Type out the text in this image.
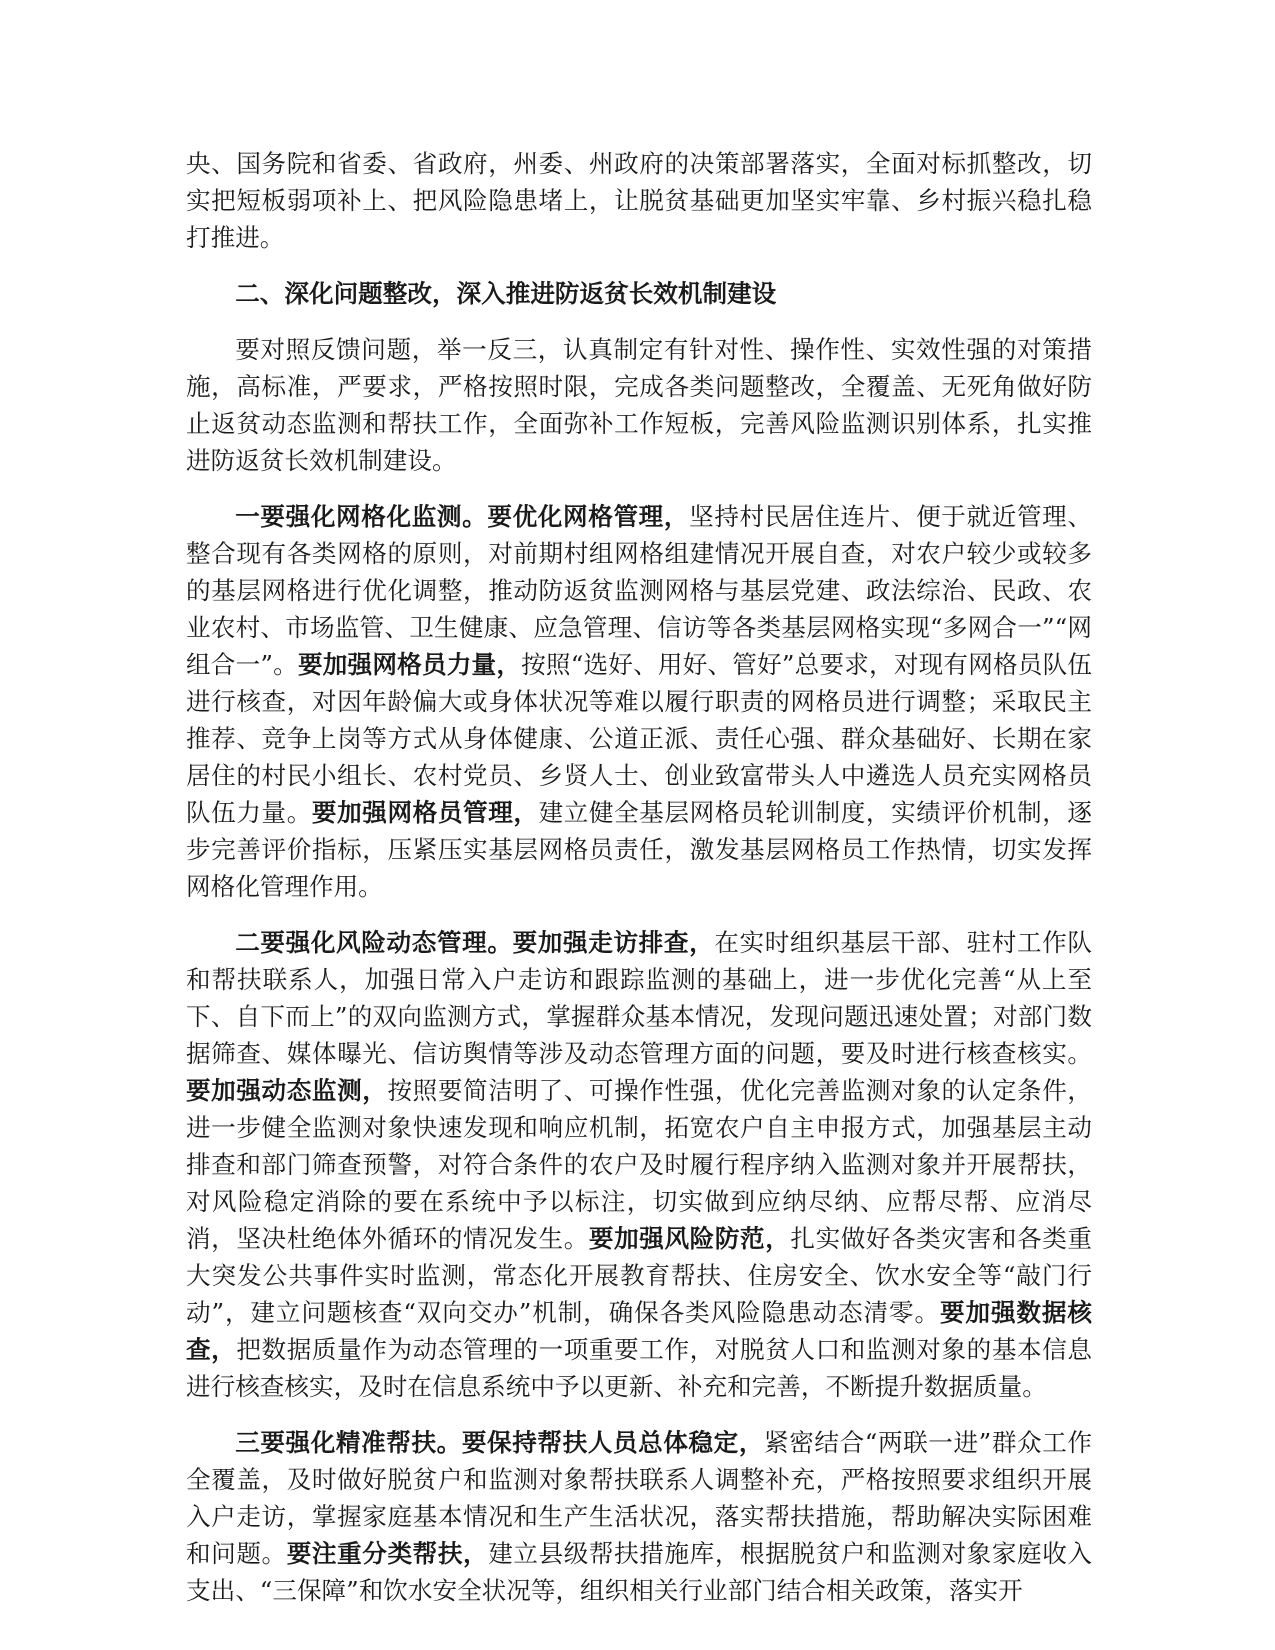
央、国务院和省委、省政府，州委、州政府的决策部署落实，全面对标抓整改，切实把短板弱项补上、把风险隐患堵上，让脱贫基础更加坚实牢靠、乡村振兴稳扎稳打推进。

二、深化问题整改，深入推进防返贫长效机制建设

要对照反馈问题，举一反三，认真制定有针对性、操作性、实效性强的对策措施，高标准，严要求，严格按照时限，完成各类问题整改，全覆盖、无死角做好防止返贫动态监测和帮扶工作，全面弥补工作短板，完善风险监测识别体系，扎实推进防返贫长效机制建设。

一要强化网格化监测。要优化网格管理，坚持村民居住连片、便于就近管理、整合现有各类网格的原则，对前期村组网格组建情况开展自查，对农户较少或较多的基层网格进行优化调整，推动防返贫监测网格与基层党建、政法综治、民政、农业农村、市场监管、卫生健康、应急管理、信访等各类基层网格实现“多网合一”“网组合一”。要加强网格员力量，按照“选好、用好、管好”总要求，对现有网格员队伍进行核查，对因年龄偏大或身体状况等难以履行职责的网格员进行调整；采取民主推荐、竞争上岗等方式从身体健康、公道正派、责任心强、群众基础好、长期在家居住的村民小组长、农村党员、乡贤人士、创业致富带头人中遴选人员充实网格员队伍力量。要加强网格员管理，建立健全基层网格员轮训制度，实绩评价机制，逐步完善评价指标，压紧压实基层网格员责任，激发基层网格员工作热情，切实发挥网格化管理作用。

二要强化风险动态管理。要加强走访排查，在实时组织基层干部、驻村工作队和帮扶联系人，加强日常入户走访和跟踪监测的基础上，进一步优化完善“从上至下、自下而上”的双向监测方式，掌握群众基本情况，发现问题迅速处置；对部门数据筛查、媒体曝光、信访舆情等涉及动态管理方面的问题，要及时进行核查核实。要加强动态监测，按照要简洁明了、可操作性强，优化完善监测对象的认定条件，进一步健全监测对象快速发现和响应机制，拓宽农户自主申报方式，加强基层主动排查和部门筛查预警，对符合条件的农户及时履行程序纳入监测对象并开展帮扶，对风险稳定消除的要在系统中予以标注，切实做到应纳尽纳、应帮尽帮、应消尽消，坚决杜绝体外循环的情况发生。要加强风险防范，扎实做好各类灾害和各类重大突发公共事件实时监测，常态化开展教育帮扶、住房安全、饮水安全等“敲门行动”，建立问题核查“双向交办”机制，确保各类风险隐患动态清零。要加强数据核查，把数据质量作为动态管理的一项重要工作，对脱贫人口和监测对象的基本信息进行核查核实，及时在信息系统中予以更新、补充和完善，不断提升数据质量。

三要强化精准帮扶。要保持帮扶人员总体稳定，紧密结合“两联一进”群众工作全覆盖，及时做好脱贫户和监测对象帮扶联系人调整补充，严格按照要求组织开展入户走访，掌握家庭基本情况和生产生活状况，落实帮扶措施，帮助解决实际困难和问题。要注重分类帮扶，建立县级帮扶措施库，根据脱贫户和监测对象家庭收入支出、“三保障”和饮水安全状况等，组织相关行业部门结合相关政策，落实开
